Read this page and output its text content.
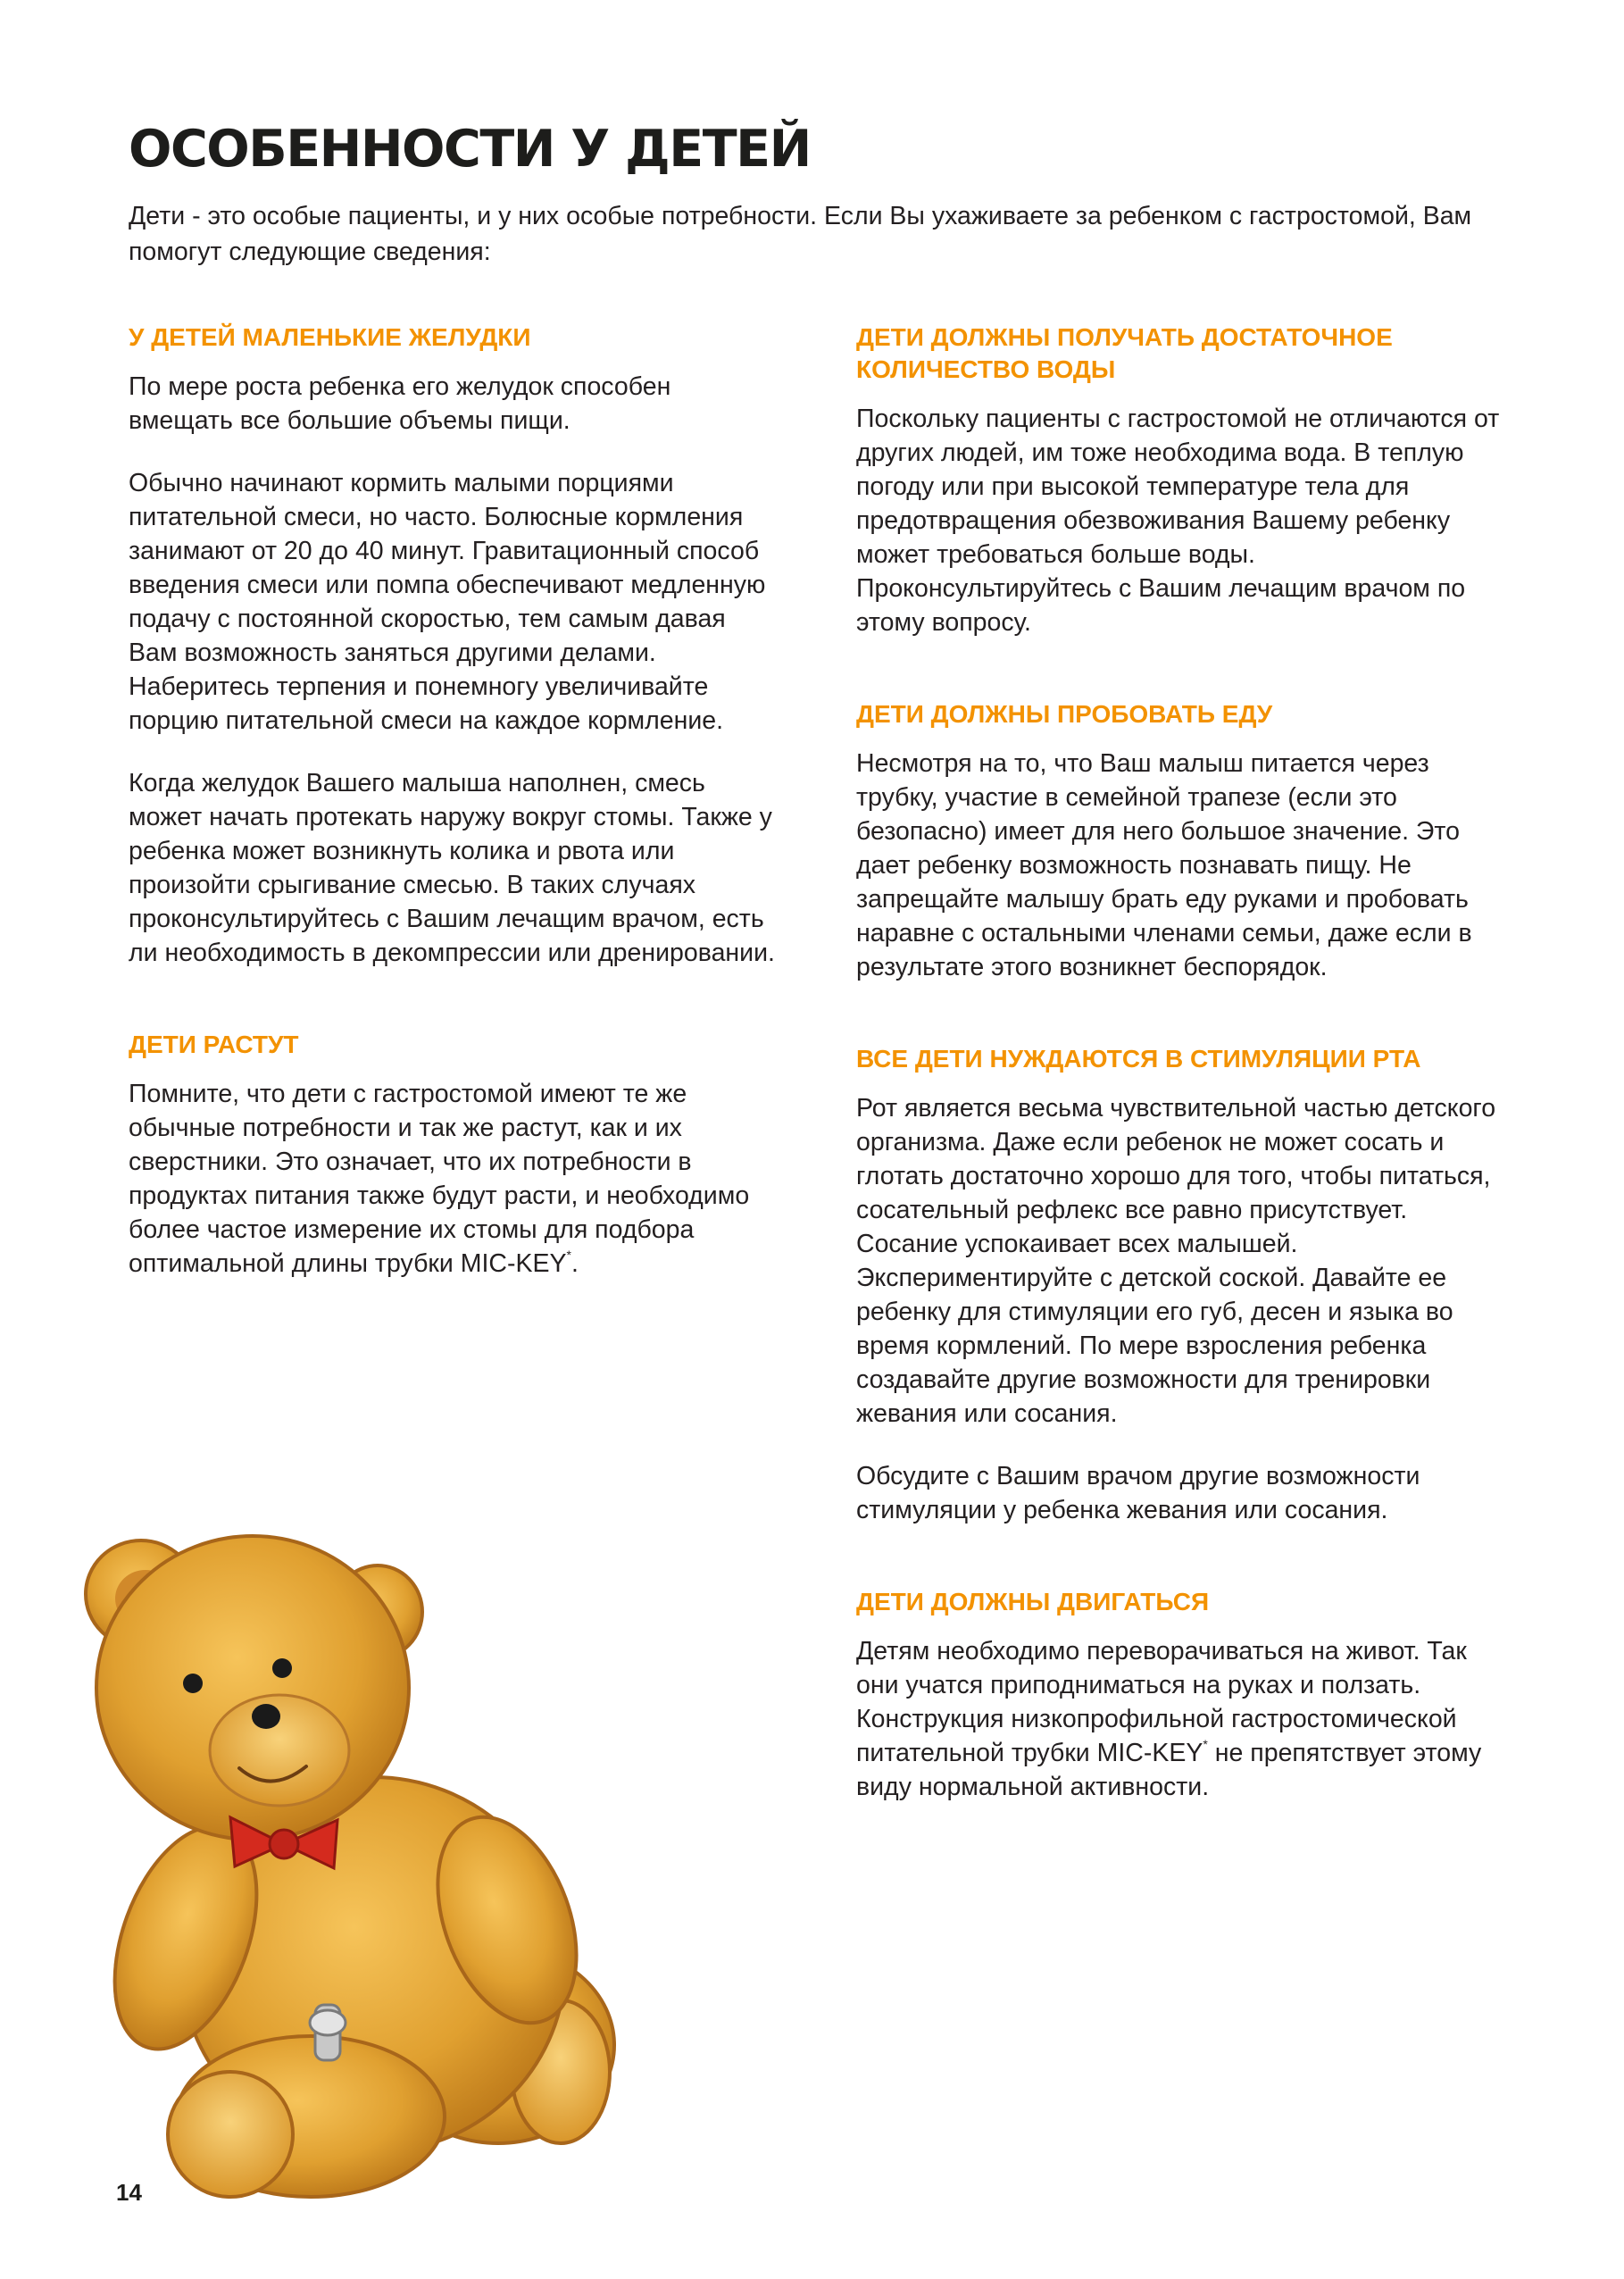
ОСОБЕННОСТИ У ДЕТЕЙ

Дети - это особые пациенты, и у них особые потребности. Если Вы ухаживаете за ребенком с гастростомой, Вам помогут следующие сведения:

У ДЕТЕЙ МАЛЕНЬКИЕ ЖЕЛУДКИ

По мере роста ребенка его желудок способен вмещать все большие объемы пищи.

Обычно начинают кормить малыми порциями питательной смеси, но часто. Болюсные кормления занимают от 20 до 40 минут. Гравитационный способ введения смеси или помпа обеспечивают медленную подачу с постоянной скоростью, тем самым давая Вам возможность заняться другими делами. Наберитесь терпения и понемногу увеличивайте порцию питательной смеси на каждое кормление.

Когда желудок Вашего малыша наполнен, смесь может начать протекать наружу вокруг стомы. Также у ребенка может возникнуть колика и рвота или произойти срыгивание смесью. В таких случаях проконсультируйтесь с Вашим лечащим врачом, есть ли необходимость в декомпрессии или дренировании.

ДЕТИ РАСТУТ

Помните, что дети с гастростомой имеют те же обычные потребности и так же растут, как и их сверстники. Это означает, что их потребности в продуктах питания также будут расти, и необходимо более частое измерение их стомы для подбора оптимальной длины трубки MIC-KEY*.

ДЕТИ ДОЛЖНЫ ПОЛУЧАТЬ ДОСТАТОЧНОЕ КОЛИЧЕСТВО ВОДЫ

Поскольку пациенты с гастростомой не отличаются от других людей, им тоже необходима вода. В теплую погоду или при высокой температуре тела для предотвращения обезвоживания Вашему ребенку может требоваться больше воды. Проконсультируйтесь с Вашим лечащим врачом по этому вопросу.

ДЕТИ ДОЛЖНЫ ПРОБОВАТЬ ЕДУ

Несмотря на то, что Ваш малыш питается через трубку, участие в семейной трапезе (если это безопасно) имеет для него большое значение. Это дает ребенку возможность познавать пищу. Не запрещайте малышу брать еду руками и пробовать наравне с остальными членами семьи, даже если в результате этого возникнет беспорядок.

ВСЕ ДЕТИ НУЖДАЮТСЯ В СТИМУЛЯЦИИ РТА

Рот является весьма чувствительной частью детского организма. Даже если ребенок не может сосать и глотать достаточно хорошо для того, чтобы питаться, сосательный рефлекс все равно присутствует. Сосание успокаивает всех малышей. Экспериментируйте с детской соской. Давайте ее ребенку для стимуляции его губ, десен и языка во время кормлений. По мере взросления ребенка создавайте другие возможности для тренировки жевания или сосания.

Обсудите с Вашим врачом другие возможности стимуляции у ребенка жевания или сосания.

ДЕТИ ДОЛЖНЫ ДВИГАТЬСЯ

Детям необходимо переворачиваться на живот. Так они учатся приподниматься на руках и ползать. Конструкция низкопрофильной гастростомической питательной трубки MIC-KEY* не препятствует этому виду нормальной активности.

14
